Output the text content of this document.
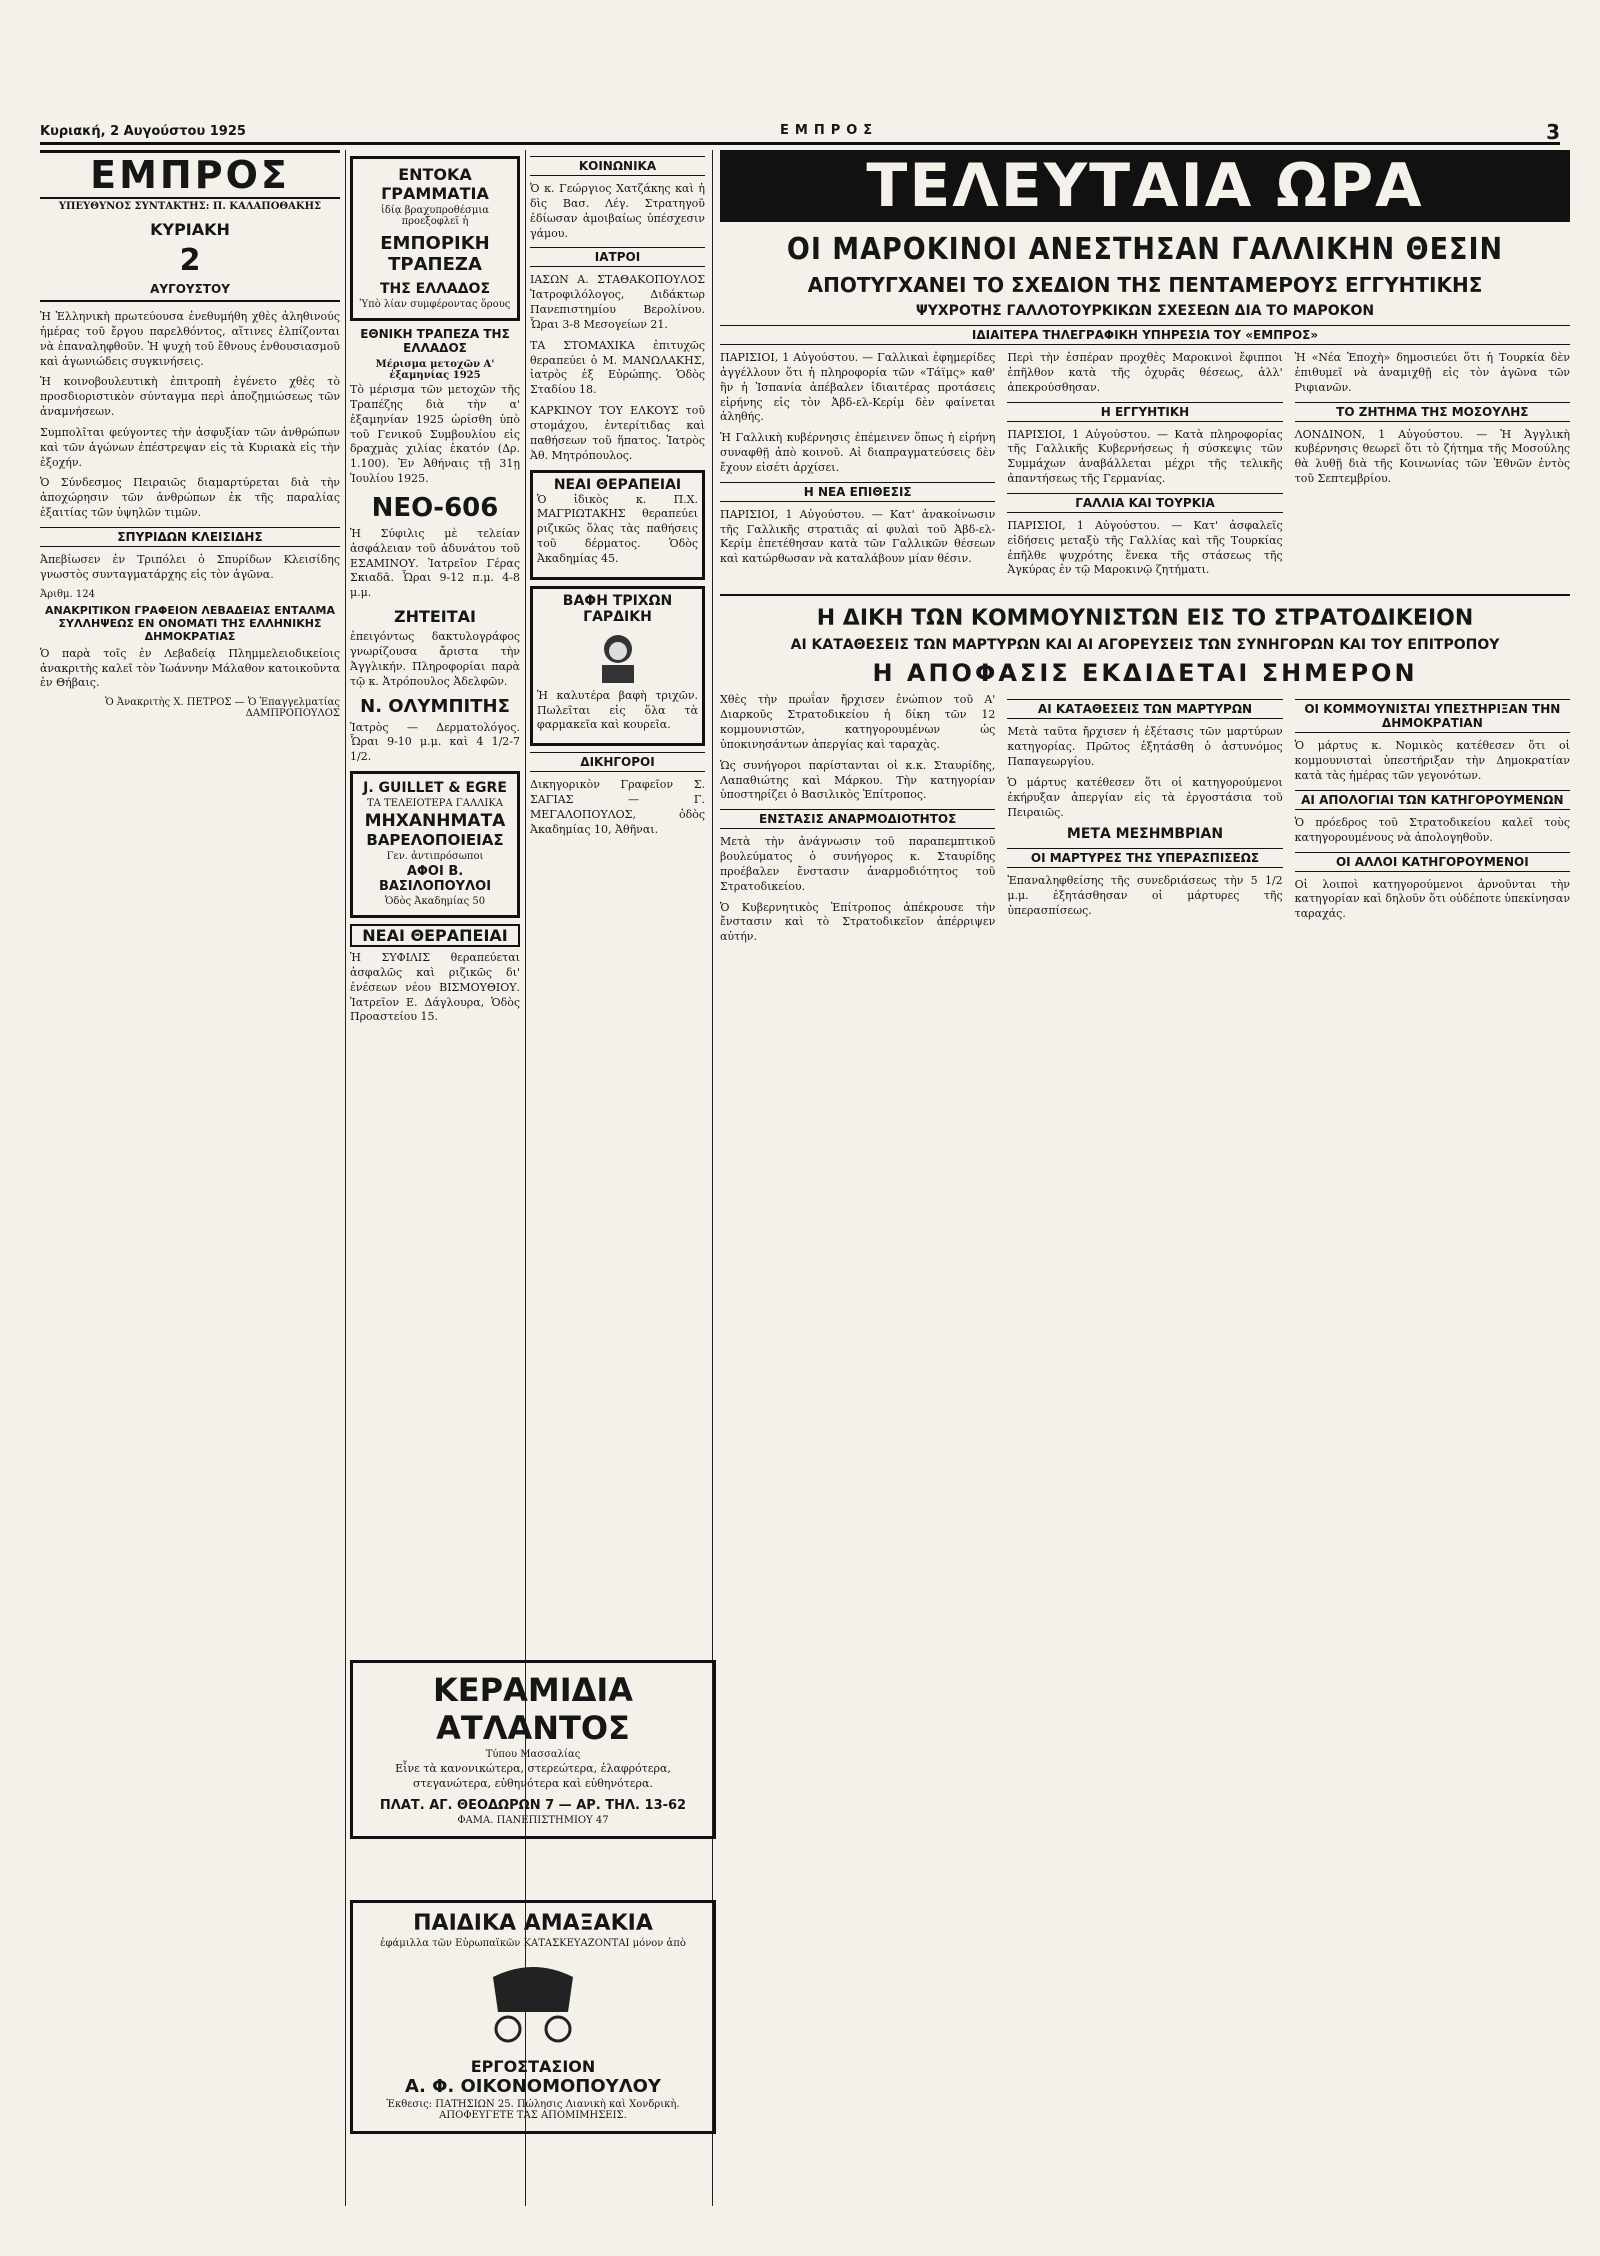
Κυριακή, 2 Αυγούστου 1925	ΕΜΠΡΟΣ	3
ΕΜΠΡΟΣ
ΥΠΕΥΘΥΝΟΣ ΣΥΝΤΑΚΤΗΣ: Π. ΚΑΛΑΠΟΘΑΚΗΣ
ΚΥΡΙΑΚΗ
2
ΑΥΓΟΥΣΤΟΥ

Ἡ Ἑλληνικὴ πρωτεύουσα ἐνεθυμήθη χθὲς ἀληθινούς ἡμέρας τοῦ ἔργου παρελθόντος, αἵτινες ἐλπίζονται νὰ ἐπαναληφθοῦν. Ἡ ψυχὴ τοῦ ἔθνους ἐνθουσιασμοῦ καὶ ἀγωνιώδεις συγκινήσεις.

Ἡ κοινοβουλευτικὴ ἐπιτροπὴ ἐγένετο χθὲς τὸ προσδιοριστικὸν σύνταγμα περὶ ἀποζημιώσεως τῶν ἀναμνήσεων.

Συμπολῖται φεύγοντες τὴν ἀσφυξίαν τῶν ἀνθρώπων καὶ τῶν ἀγώνων ἐπέστρεψαν εἰς τὰ Κυριακὰ εἰς τὴν ἐξοχήν.

Ὁ Σύνδεσμος Πειραιῶς διαμαρτύρεται διὰ τὴν ἀποχώρησιν τῶν ἀνθρώπων ἐκ τῆς παραλίας ἐξαιτίας τῶν ὑψηλῶν τιμῶν.

ΣΠΥΡΙΔΩΝ ΚΛΕΙΣΙΔΗΣ

Ἀπεβίωσεν ἐν Τριπόλει ὁ Σπυρίδων Κλεισίδης γνωστὸς συνταγματάρχης εἰς τὸν ἀγῶνα.

Ἀριθμ. 124
ΑΝΑΚΡΙΤΙΚΟΝ ΓΡΑΦΕΙΟΝ ΛΕΒΑΔΕΙΑΣ ΕΝΤΑΛΜΑ ΣΥΛΛΗΨΕΩΣ ΕΝ ΟΝΟΜΑΤΙ ΤΗΣ ΕΛΛΗΝΙΚΗΣ ΔΗΜΟΚΡΑΤΙΑΣ

Ὁ παρὰ τοῖς ἐν Λεβαδείᾳ Πλημμελειοδικείοις ἀνακριτὴς καλεῖ τὸν Ἰωάννην Μάλαθον κατοικοῦντα ἐν Θήβαις.

Ὁ Ἀνακριτὴς Χ. ΠΕΤΡΟΣ — Ὁ Ἐπαγγελματίας ΔΑΜΠΡΟΠΟΥΛΟΣ
ΕΝΤΟΚΑ ΓΡΑΜΜΑΤΙΑ
ἰδίᾳ βραχυπροθέσμια προεξοφλεῖ ἡ
ΕΜΠΟΡΙΚΗ ΤΡΑΠΕΖΑ
ΤΗΣ ΕΛΛΑΔΟΣ
Ὑπὸ λίαν συμφέροντας ὅρους
ΕΘΝΙΚΗ ΤΡΑΠΕΖΑ ΤΗΣ ΕΛΛΑΔΟΣ
Μέρισμα μετοχῶν Α' ἑξαμηνίας 1925

Τὸ μέρισμα τῶν μετοχῶν τῆς Τραπέζης διὰ τὴν α' ἑξαμηνίαν 1925 ὡρίσθη ὑπὸ τοῦ Γενικοῦ Συμβουλίου εἰς δραχμὰς χιλίας ἑκατόν (Δρ. 1.100). Ἐν Ἀθήναις τῇ 31ῃ Ἰουλίου 1925.

ΝΕΟ-606

Ἡ Σύφιλις μὲ τελείαν ἀσφάλειαν τοῦ ἀδυνάτου τοῦ ΕΣΑΜΙΝΟΥ. Ἰατρεῖον Γέρας Σκιαδᾶ. Ὧραι 9-12 π.μ. 4-8 μ.μ.

ΖΗΤΕΙΤΑΙ

ἐπειγόντως δακτυλογράφος γνωρίζουσα ἄριστα τὴν Ἀγγλικήν. Πληροφορίαι παρὰ τῷ κ. Ἀτρόπουλος Ἀδελφῶν.

Ν. ΟΛΥΜΠΙΤΗΣ

Ἰατρὸς — Δερματολόγος. Ὧραι 9-10 μ.μ. καὶ 4 1/2-7 1/2.

J. GUILLET & EGRE
ΤΑ ΤΕΛΕΙΟΤΕΡΑ ΓΑΛΛΙΚΑ
ΜΗΧΑΝΗΜΑΤΑ
ΒΑΡΕΛΟΠΟΙΕΙΑΣ
Γεν. ἀντιπρόσωποι
ΑΦΟΙ Β. ΒΑΣΙΛΟΠΟΥΛΟΙ
Ὁδὸς Ἀκαδημίας 50
ΝΕΑΙ ΘΕΡΑΠΕΙΑΙ

Ἡ ΣΥΦΙΛΙΣ θεραπεύεται ἀσφαλῶς καὶ ριζικῶς δι' ἐνέσεων νέου ΒΙΣΜΟΥΘΙΟΥ. Ἰατρεῖον Ε. Δάγλουρα, Ὁδὸς Προαστείου 15.

ΚΟΙΝΩΝΙΚΑ

Ὁ κ. Γεώργιος Χατζάκης καὶ ἡ δὶς Βασ. Λέγ. Στρατηγοῦ ἐδίωσαν ἀμοιβαίως ὑπέσχεσιν γάμου.

ΙΑΤΡΟΙ

ΙΑΣΩΝ Α. ΣΤΑΘΑΚΟΠΟΥΛΟΣ Ἰατροφιλόλογος, Διδάκτωρ Πανεπιστημίου Βερολίνου. Ὧραι 3-8 Μεσογείων 21.

ΤΑ ΣΤΟΜΑΧΙΚΑ ἐπιτυχῶς θεραπεύει ὁ Μ. ΜΑΝΩΛΑΚΗΣ, ἰατρὸς ἐξ Εὐρώπης. Ὁδὸς Σταδίου 18.

ΚΑΡΚΙΝΟΥ ΤΟΥ ΕΛΚΟΥΣ τοῦ στομάχου, ἐντερίτιδας καὶ παθήσεων τοῦ ἥπατος. Ἰατρὸς Ἀθ. Μητρόπουλος.

ΝΕΑΙ ΘΕΡΑΠΕΙΑΙ

Ὁ ἰδικὸς κ. Π.Χ. ΜΑΓΡΙΩΤΑΚΗΣ θεραπεύει ριζικῶς ὅλας τὰς παθήσεις τοῦ δέρματος. Ὁδὸς Ἀκαδημίας 45.

ΒΑΦΗ ΤΡΙΧΩΝ ΓΑΡΔΙΚΗ

Ἡ καλυτέρα βαφὴ τριχῶν. Πωλεῖται εἰς ὅλα τὰ φαρμακεῖα καὶ κουρεῖα.

ΔΙΚΗΓΟΡΟΙ

Δικηγορικὸν Γραφεῖον Σ. ΣΑΓΙΑΣ — Γ. ΜΕΓΑΛΟΠΟΥΛΟΣ, ὁδὸς Ἀκαδημίας 10, Ἀθῆναι.

ΚΕΡΑΜΙΔΙΑ ΑΤΛΑΝΤΟΣ
Τύπου Μασσαλίας

Εἶνε τὰ κανονικώτερα, στερεώτερα, ἐλαφρότερα, στεγανώτερα, εὐθηνότερα καὶ εὐθηνότερα.

ΠΛΑΤ. ΑΓ. ΘΕΟΔΩΡΩΝ 7 — ΑΡ. ΤΗΛ. 13-62
ΦΑΜΑ. ΠΑΝΕΠΙΣΤΗΜΙΟΥ 47
ΠΑΙΔΙΚΑ ΑΜΑΞΑΚΙΑ
ἐφάμιλλα τῶν Εὐρωπαϊκῶν ΚΑΤΑΣΚΕΥΑΖΟΝΤΑΙ μόνον ἀπὸ
ΕΡΓΟΣΤΑΣΙΟΝ
Α. Φ. ΟΙΚΟΝΟΜΟΠΟΥΛΟΥ
Ἐκθεσις: ΠΑΤΗΣΙΩΝ 25. Πώλησις Λιανικὴ καὶ Χονδρικὴ. ΑΠΟΦΕΥΓΕΤΕ ΤΑΣ ΑΠΟΜΙΜΗΣΕΙΣ.
ΤΕΛΕΥΤΑΙΑ ΩΡΑ
ΟΙ ΜΑΡΟΚΙΝΟΙ ΑΝΕΣΤΗΣΑΝ ΓΑΛΛΙΚΗΝ ΘΕΣΙΝ
ΑΠΟΤΥΓΧΑΝΕΙ ΤΟ ΣΧΕΔΙΟΝ ΤΗΣ ΠΕΝΤΑΜΕΡΟΥΣ ΕΓΓΥΗΤΙΚΗΣ
ΨΥΧΡΟΤΗΣ ΓΑΛΛΟΤΟΥΡΚΙΚΩΝ ΣΧΕΣΕΩΝ ΔΙΑ ΤΟ ΜΑΡΟΚΟΝ
ΙΔΙΑΙΤΕΡΑ ΤΗΛΕΓΡΑΦΙΚΗ ΥΠΗΡΕΣΙΑ ΤΟΥ «ΕΜΠΡΟΣ»

ΠΑΡΙΣΙΟΙ, 1 Αὐγούστου. — Γαλλικαὶ ἐφημερίδες ἀγγέλλουν ὅτι ἡ πληροφορία τῶν «Τάϊμς» καθ' ἣν ἡ Ἰσπανία ἀπέβαλεν ἰδιαιτέρας προτάσεις εἰρήνης εἰς τὸν Ἀβδ-ελ-Κερίμ δὲν φαίνεται ἀληθής.

Ἡ Γαλλικὴ κυβέρνησις ἐπέμεινεν ὅπως ἡ εἰρήνη συναφθῇ ἀπὸ κοινοῦ. Αἱ διαπραγματεύσεις δὲν ἔχουν εἰσέτι ἀρχίσει.

Η ΝΕΑ ΕΠΙΘΕΣΙΣ

ΠΑΡΙΣΙΟΙ, 1 Αὐγούστου. — Κατ' ἀνακοίνωσιν τῆς Γαλλικῆς στρατιᾶς αἱ φυλαὶ τοῦ Ἀβδ-ελ-Κερίμ ἐπετέθησαν κατὰ τῶν Γαλλικῶν θέσεων καὶ κατώρθωσαν νὰ καταλάβουν μίαν θέσιν.

Περὶ τὴν ἑσπέραν προχθὲς Μαροκινοὶ ἔφιπποι ἐπῆλθον κατὰ τῆς ὀχυρᾶς θέσεως, ἀλλ' ἀπεκρούσθησαν.

Η ΕΓΓΥΗΤΙΚΗ

ΠΑΡΙΣΙΟΙ, 1 Αὐγούστου. — Κατὰ πληροφορίας τῆς Γαλλικῆς Κυβερνήσεως ἡ σύσκεψις τῶν Συμμάχων ἀναβάλλεται μέχρι τῆς τελικῆς ἀπαντήσεως τῆς Γερμανίας.

ΓΑΛΛΙΑ ΚΑΙ ΤΟΥΡΚΙΑ

ΠΑΡΙΣΙΟΙ, 1 Αὐγούστου. — Κατ' ἀσφαλεῖς εἰδήσεις μεταξὺ τῆς Γαλλίας καὶ τῆς Τουρκίας ἐπῆλθε ψυχρότης ἕνεκα τῆς στάσεως τῆς Ἀγκύρας ἐν τῷ Μαροκινῷ ζητήματι.

Ἡ «Νέα Ἐποχὴ» δημοσιεύει ὅτι ἡ Τουρκία δὲν ἐπιθυμεῖ νὰ ἀναμιχθῇ εἰς τὸν ἀγῶνα τῶν Ριφιανῶν.

ΤΟ ΖΗΤΗΜΑ ΤΗΣ ΜΟΣΟΥΛΗΣ

ΛΟΝΔΙΝΟΝ, 1 Αὐγούστου. — Ἡ Ἀγγλικὴ κυβέρνησις θεωρεῖ ὅτι τὸ ζήτημα τῆς Μοσούλης θὰ λυθῇ διὰ τῆς Κοινωνίας τῶν Ἐθνῶν ἐντὸς τοῦ Σεπτεμβρίου.

Η ΔΙΚΗ ΤΩΝ ΚΟΜΜΟΥΝΙΣΤΩΝ ΕΙΣ ΤΟ ΣΤΡΑΤΟΔΙΚΕΙΟΝ
ΑΙ ΚΑΤΑΘΕΣΕΙΣ ΤΩΝ ΜΑΡΤΥΡΩΝ ΚΑΙ ΑΙ ΑΓΟΡΕΥΣΕΙΣ ΤΩΝ ΣΥΝΗΓΟΡΩΝ ΚΑΙ ΤΟΥ ΕΠΙΤΡΟΠΟΥ
Η ΑΠΟΦΑΣΙΣ ΕΚΔΙΔΕΤΑΙ ΣΗΜΕΡΟΝ

Χθὲς τὴν πρωΐαν ἤρχισεν ἐνώπιον τοῦ Α' Διαρκοῦς Στρατοδικείου ἡ δίκη τῶν 12 κομμουνιστῶν, κατηγορουμένων ὡς ὑποκινησάντων ἀπεργίας καὶ ταραχὰς.

Ὡς συνήγοροι παρίστανται οἱ κ.κ. Σταυρίδης, Λαπαθιώτης καὶ Μάρκου. Τὴν κατηγορίαν ὑποστηρίζει ὁ Βασιλικὸς Ἐπίτροπος.

ΕΝΣΤΑΣΙΣ ΑΝΑΡΜΟΔΙΟΤΗΤΟΣ

Μετὰ τὴν ἀνάγνωσιν τοῦ παραπεμπτικοῦ βουλεύματος ὁ συνήγορος κ. Σταυρίδης προέβαλεν ἔνστασιν ἀναρμοδιότητος τοῦ Στρατοδικείου.

Ὁ Κυβερνητικὸς Ἐπίτροπος ἀπέκρουσε τὴν ἔνστασιν καὶ τὸ Στρατοδικεῖον ἀπέρριψεν αὐτήν.

ΑΙ ΚΑΤΑΘΕΣΕΙΣ ΤΩΝ ΜΑΡΤΥΡΩΝ

Μετὰ ταῦτα ἤρχισεν ἡ ἐξέτασις τῶν μαρτύρων κατηγορίας. Πρῶτος ἐξητάσθη ὁ ἀστυνόμος Παπαγεωργίου.

Ὁ μάρτυς κατέθεσεν ὅτι οἱ κατηγορούμενοι ἐκήρυξαν ἀπεργίαν εἰς τὰ ἐργοστάσια τοῦ Πειραιῶς.

ΜΕΤΑ ΜΕΣΗΜΒΡΙΑΝ
ΟΙ ΜΑΡΤΥΡΕΣ ΤΗΣ ΥΠΕΡΑΣΠΙΣΕΩΣ

Ἐπαναληφθείσης τῆς συνεδριάσεως τὴν 5 1/2 μ.μ. ἐξητάσθησαν οἱ μάρτυρες τῆς ὑπερασπίσεως.

ΟΙ ΚΟΜΜΟΥΝΙΣΤΑΙ ΥΠΕΣΤΗΡΙΞΑΝ ΤΗΝ ΔΗΜΟΚΡΑΤΙΑΝ

Ὁ μάρτυς κ. Νομικὸς κατέθεσεν ὅτι οἱ κομμουνισταὶ ὑπεστήριξαν τὴν Δημοκρατίαν κατὰ τὰς ἡμέρας τῶν γεγονότων.

ΑΙ ΑΠΟΛΟΓΙΑΙ ΤΩΝ ΚΑΤΗΓΟΡΟΥΜΕΝΩΝ

Ὁ πρόεδρος τοῦ Στρατοδικείου καλεῖ τοὺς κατηγορουμένους νὰ ἀπολογηθοῦν.

ΟΙ ΑΛΛΟΙ ΚΑΤΗΓΟΡΟΥΜΕΝΟΙ

Οἱ λοιποὶ κατηγορούμενοι ἀρνοῦνται τὴν κατηγορίαν καὶ δηλοῦν ὅτι οὐδέποτε ὑπεκίνησαν ταραχάς.
